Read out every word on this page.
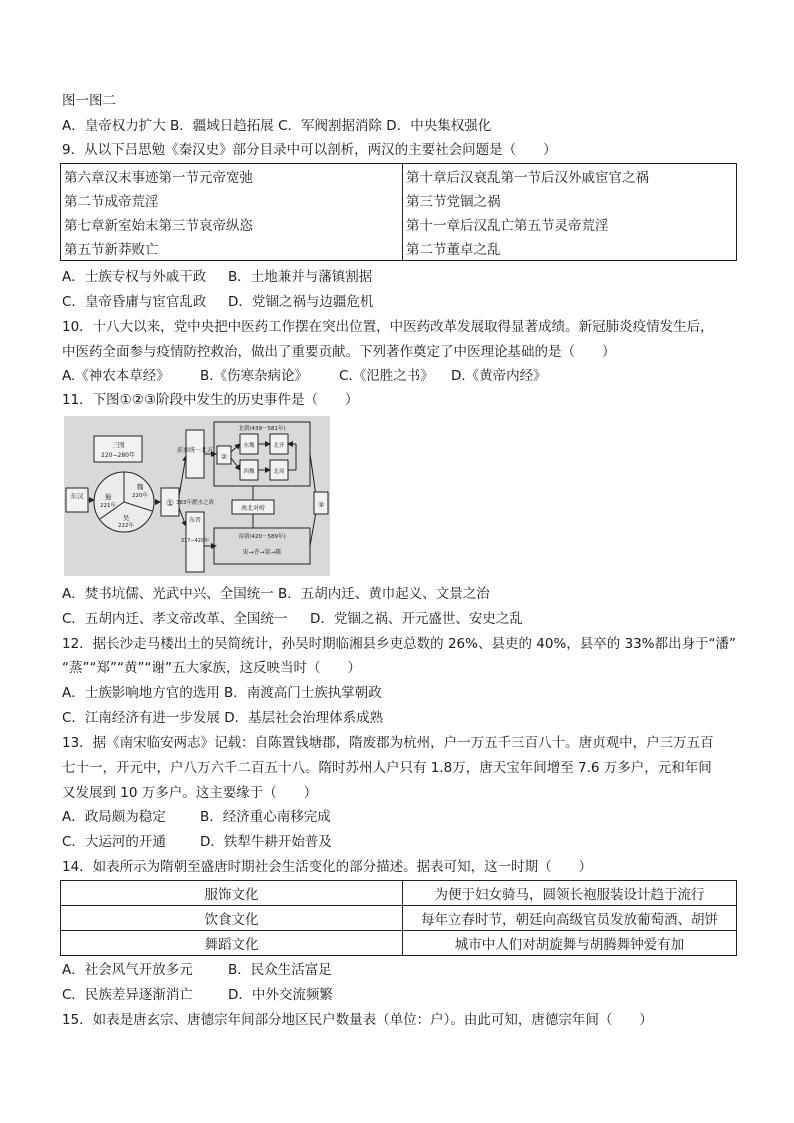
图一图二
A．皇帝权力扩大 B．疆域日趋拓展 C．军阀割据消除 D．中央集权强化
9．从以下吕思勉《秦汉史》部分目录中可以剖析，两汉的主要社会问题是（　　）
第六章汉末事迹第一节元帝宽弛	第十章后汉衰乱第一节后汉外戚宦官之祸
第二节成帝荒淫	第三节党锢之祸
第七章新室始末第三节哀帝纵恣	第十一章后汉乱亡第五节灵帝荒淫
第五节新莽败亡	第二节董卓之乱
A．士族专权与外戚干政 B．土地兼并与藩镇割据
C．皇帝昏庸与宦官乱政 D．党锢之祸与边疆危机
10．十八大以来，党中央把中医药工作摆在突出位置，中医药改革发展取得显著成绩。新冠肺炎疫情发生后，
中医药全面参与疫情防控救治，做出了重要贡献。下列著作奠定了中医理论基础的是（　　）
A.《神农本草经》 B.《伤寒杂病论》 C.《氾胜之书》 D.《黄帝内经》
11．下图①②③阶段中发生的历史事件是（　　）
东汉
三国
220−280年
魏
220年
蜀
221年
吴
222年
①
前秦统一北方
东晋
317−420年
383年淝水之战
北朝(439－581年)
②
东魏
西魏
北齐
北周
南北对峙
南朝(420－589年)
宋→齐→梁→陈
③
A．焚书坑儒、光武中兴、全国统一 B．五胡内迁、黄巾起义、文景之治
C．五胡内迁、孝文帝改革、全国统一 D．党锢之祸、开元盛世、安史之乱
12．据长沙走马楼出土的吴简统计，孙吴时期临湘县乡吏总数的 26%、县吏的 40%，县卒的 33%都出身于“潘”
“蒸”“郑”“黄”“谢”五大家族，这反映当时（　　）
A．士族影响地方官的选用 B．南渡高门士族执掌朝政
C．江南经济有进一步发展 D．基层社会治理体系成熟
13．据《南宋临安两志》记载：自陈置钱塘郡，隋废郡为杭州，户一万五千三百八十。唐贞观中，户三万五百
七十一，开元中，户八万六千二百五十八。隋时苏州人户只有 1.8万，唐天宝年间增至 7.6 万多户，元和年间
又发展到 10 万多户。这主要缘于（　　）
A．政局颇为稳定	B．经济重心南移完成
C．大运河的开通	D．铁犁牛耕开始普及
14．如表所示为隋朝至盛唐时期社会生活变化的部分描述。据表可知，这一时期（　　）
服饰文化	为便于妇女骑马，圆领长袍服装设计趋于流行
饮食文化	每年立春时节，朝廷向高级官员发放葡萄酒、胡饼
舞蹈文化	城市中人们对胡旋舞与胡腾舞钟爱有加
A．社会风气开放多元	B．民众生活富足
C．民族差异逐渐消亡	D．中外交流频繁
15．如表是唐玄宗、唐德宗年间部分地区民户数量表（单位：户）。由此可知，唐德宗年间（　　）
